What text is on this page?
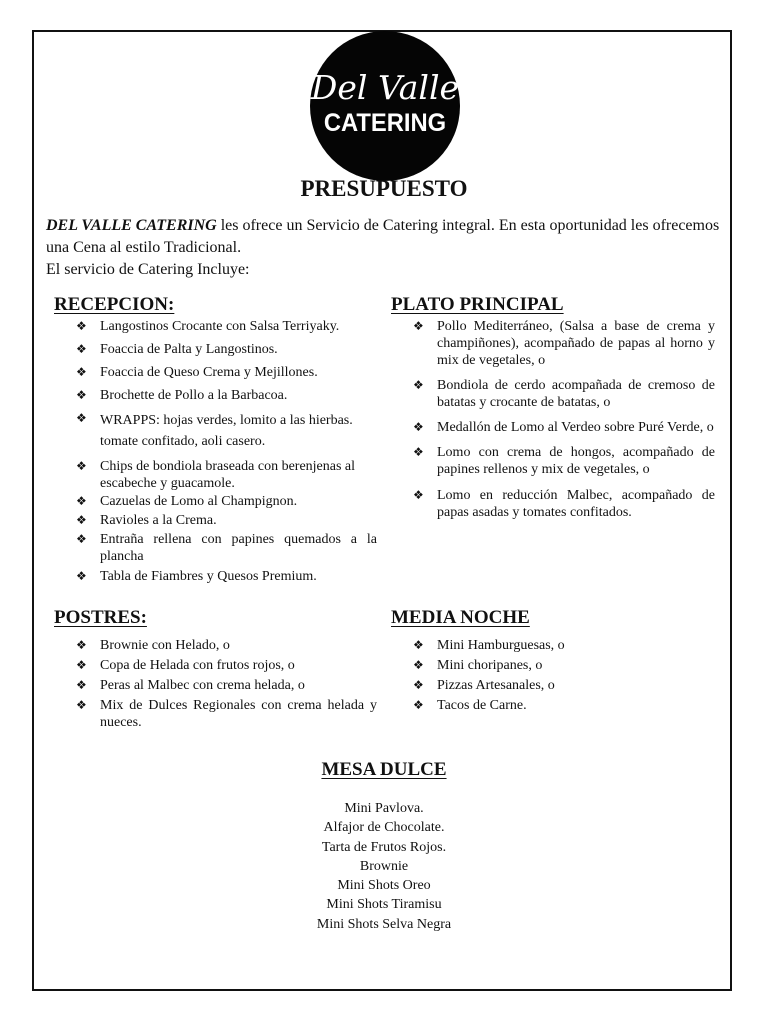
Del Valle
CATERING
PRESUPUESTO
DEL VALLE CATERING les ofrece un Servicio de Catering integral. En esta oportunidad les ofrecemos una Cena al estilo Tradicional.
El servicio de Catering Incluye:
RECEPCION:
❖ Langostinos Crocante con Salsa Terriyaky.
❖ Foaccia de Palta y Langostinos.
❖ Foaccia de Queso Crema y Mejillones.
❖ Brochette de Pollo a la Barbacoa.
❖ WRAPPS: hojas verdes, lomito a las hierbas. tomate confitado, aoli casero.
❖ Chips de bondiola braseada con berenjenas al escabeche y guacamole.
❖ Cazuelas de Lomo al Champignon.
❖ Ravioles a la Crema.
❖ Entraña rellena con papines quemados a la plancha
❖ Tabla de Fiambres y Quesos Premium.
PLATO PRINCIPAL
❖ Pollo Mediterráneo, (Salsa a base de crema y champiñones), acompañado de papas al horno y mix de vegetales, o
❖ Bondiola de cerdo acompañada de cremoso de batatas y crocante de batatas, o
❖ Medallón de Lomo al Verdeo sobre Puré Verde, o
❖ Lomo con crema de hongos, acompañado de papines rellenos y mix de vegetales, o
❖ Lomo en reducción Malbec, acompañado de papas asadas y tomates confitados.
POSTRES:
❖ Brownie con Helado, o
❖ Copa de Helada con frutos rojos, o
❖ Peras al Malbec con crema helada, o
❖ Mix de Dulces Regionales con crema helada y nueces.
MEDIA NOCHE
❖ Mini Hamburguesas, o
❖ Mini choripanes, o
❖ Pizzas Artesanales, o
❖ Tacos de Carne.
MESA DULCE
Mini Pavlova.
Alfajor de Chocolate.
Tarta de Frutos Rojos.
Brownie
Mini Shots Oreo
Mini Shots Tiramisu
Mini Shots Selva Negra
